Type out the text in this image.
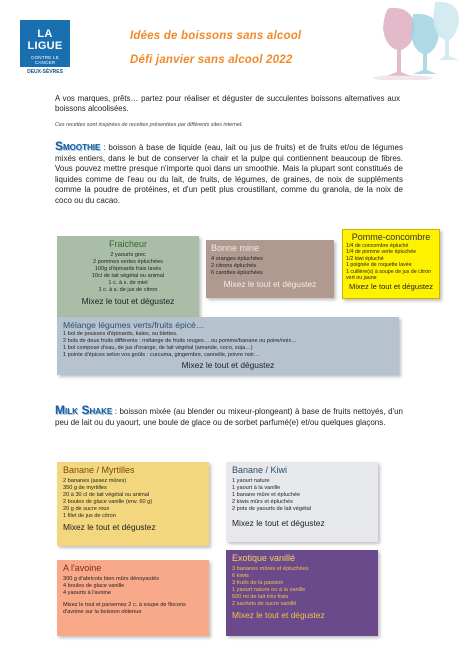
LA LIGUE
CONTRE LE CANCER
DEUX-SÈVRES
Idées de boissons sans alcool
Défi janvier sans alcool 2022
A vos marques, prêts… partez pour réaliser et déguster de succulentes boissons alternatives aux boissons alcoolisées.
Ces recettes sont inspirées de recettes présentées par différents sites internet.
Smoothie : boisson à base de liquide (eau, lait ou jus de fruits) et de fruits et/ou de légumes mixés entiers, dans le but de conserver la chair et la pulpe qui contiennent beaucoup de fibres. Vous pouvez mettre presque n'importe quoi dans un smoothie. Mais la plupart sont constitués de liquides comme de l'eau ou du lait, de fruits, de légumes, de graines, de noix de suppléments comme la poudre de protéines, et d'un petit plus croustillant, comme du granola, de la noix de coco ou du cacao.
Fraicheur
2 yaourts grec
2 pommes vertes épluchées
100g d'épinards frais lavés
10cl de lait végétal ou animal
1 c. à s. de miel
1 c. à s. de jus de citron
Mixez le tout et dégustez
Bonne mine
4 oranges épluchées
2 citrons épluchés
6 carottes épluchées
Mixez le tout et dégustez
Pomme-concombre
1/4 de concombre épluché
1/4 de pomme verte épluchée
1/2 kiwi épluché
1 poignée de roquette lavée
1 cuillère(s) à soupe de jus de citron vert ou jaune
Mixez le tout et dégustez
Mélange légumes verts/fruits épicé…
1 bol de pousses d'épinards, kales, ou blettes.
2 bols de deux fruits différents : mélange de fruits rouges… ou pomme/banane ou poire/noix…
1 bol composé d'eau, de jus d'orange, de lait végétal (amande, coco, soja…)
1 pointe d'épices selon vos goûts : curcuma, gingembre, cannelle, poivre noir…
Mixez le tout et dégustez
Milk Shake : boisson mixée (au blender ou mixeur-plongeant) à base de fruits nettoyés, d'un peu de lait ou du yaourt, une boule de glace ou de sorbet parfumé(e) et/ou quelques glaçons.
Banane / Myrtilles
2 bananes (assez mûres)
350 g de myrtilles
20 à 30 cl de lait végétal ou animal
2 boules de glace vanille (env. 60 g)
20 g de sucre roux
1 filet de jus de citron
Mixez le tout et dégustez
Banane / Kiwi
1 yaourt nature
1 yaourt à la vanille
1 banane mûre et épluchée
2 kiwis mûrs et épluchés
2 pots de yaourts de lait végétal
Mixez le tout et dégustez
A l'avoine
300 g d'abricots bien mûrs dénoyautés
4 boules de glace vanille
4 yaourts à l'avoine
Mixez le tout et parsemez 2 c. à soupe de flocons d'avoine sur la boisson obtenue
Exotique vanillé
3 bananes mûres et épluchées
6 kiwis
3 fruits de la passion
1 yaourt nature ou à la vanille
500 ml de lait très frais
2 sachets de sucre vanillé
Mixez le tout et dégustez
